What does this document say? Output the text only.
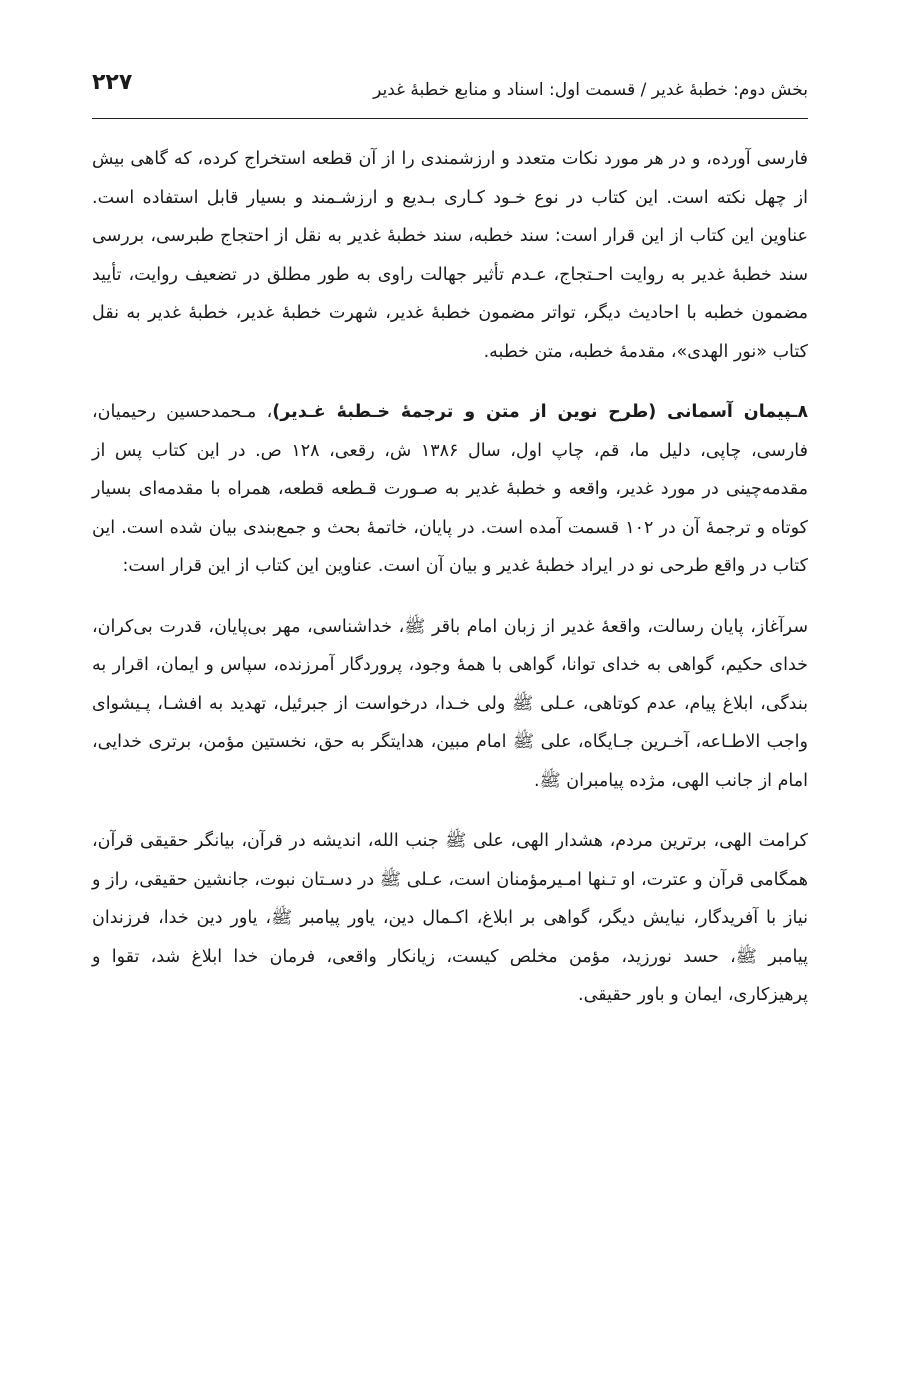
۲۲۷	بخش دوم: خطبهٔ غدیر / قسمت اول: اسناد و منابع خطبهٔ غدیر

فارسی آورده، و در هر مورد نکات متعدد و ارزشمندی را از آن قطعه استخراج کرده، که گاهی بیش از چهل نکته است. این کتاب در نوع خـود کـاری بـدیع و ارزشـمند و بسیار قابل استفاده است. عناوین این کتاب از این قرار است: سند خطبه، سند خطبهٔ غدیر به نقل از احتجاج طبرسی، بررسی سند خطبهٔ غدیر به روایت احـتجاج، عـدم تأثیر جهالت راوی به طور مطلق در تضعیف روایت، تأیید مضمون خطبه با احادیث دیگر، تواتر مضمون خطبهٔ غدیر، شهرت خطبهٔ غدیر، خطبهٔ غدیر به نقل کتاب «نور الهدی»، مقدمهٔ خطبه، متن خطبه.

۸ـپیمان آسمانی (طرح نوین از متن و ترجمهٔ خـطبهٔ غـدیر)، مـحمدحسین رحیمیان، فارسی، چاپی، دلیل ما، قم، چاپ اول، سال ۱۳۸۶ ش، رقعی، ۱۲۸ ص. در این کتاب پس از مقدمه‌چینی در مورد غدیر، واقعه و خطبهٔ غدیر به صـورت قـطعه قطعه، همراه با مقدمه‌ای بسیار کوتاه و ترجمهٔ آن در ۱۰۲ قسمت آمده است. در پایان، خاتمهٔ بحث و جمع‌بندی بیان شده است. این کتاب در واقع طرحی نو در ایراد خطبهٔ غدیر و بیان آن است. عناوین این کتاب از این قرار است:

سرآغاز، پایان رسالت، واقعهٔ غدیر از زبان امام باقر ﷺ، خداشناسی، مهر بی‌پایان، قدرت بی‌کران، خدای حکیم، گواهی به خدای توانا، گواهی با همهٔ وجود، پروردگار آمرزنده، سپاس و ایمان، اقرار به بندگی، ابلاغ پیام، عدم کوتاهی، عـلی ﷺ ولی خـدا، درخواست از جبرئیل، تهدید به افشـا، پـیشوای واجب الاطـاعه، آخـرین جـایگاه، علی ﷺ امام مبین، هدایتگر به حق، نخستین مؤمن، برتری خدایی، امام از جانب الهی، مژده پیامبران ﷺ.

کرامت الهی، برترین مردم، هشدار الهی، علی ﷺ جنب الله، اندیشه در قرآن، بیانگر حقیقی قرآن، همگامی قرآن و عترت، او تـنها امـیرمؤمنان است، عـلی ﷺ در دسـتان نبوت، جانشین حقیقی، راز و نیاز با آفریدگار، نیایش دیگر، گواهی بر ابلاغ، اکـمال دین، یاور پیامبر ﷺ، یاور دین خدا، فرزندان پیامبر ﷺ، حسد نورزید، مؤمن مخلص کیست، زیانکار واقعی، فرمان خدا ابلاغ شد، تقوا و پرهیزکاری، ایمان و باور حقیقی.
